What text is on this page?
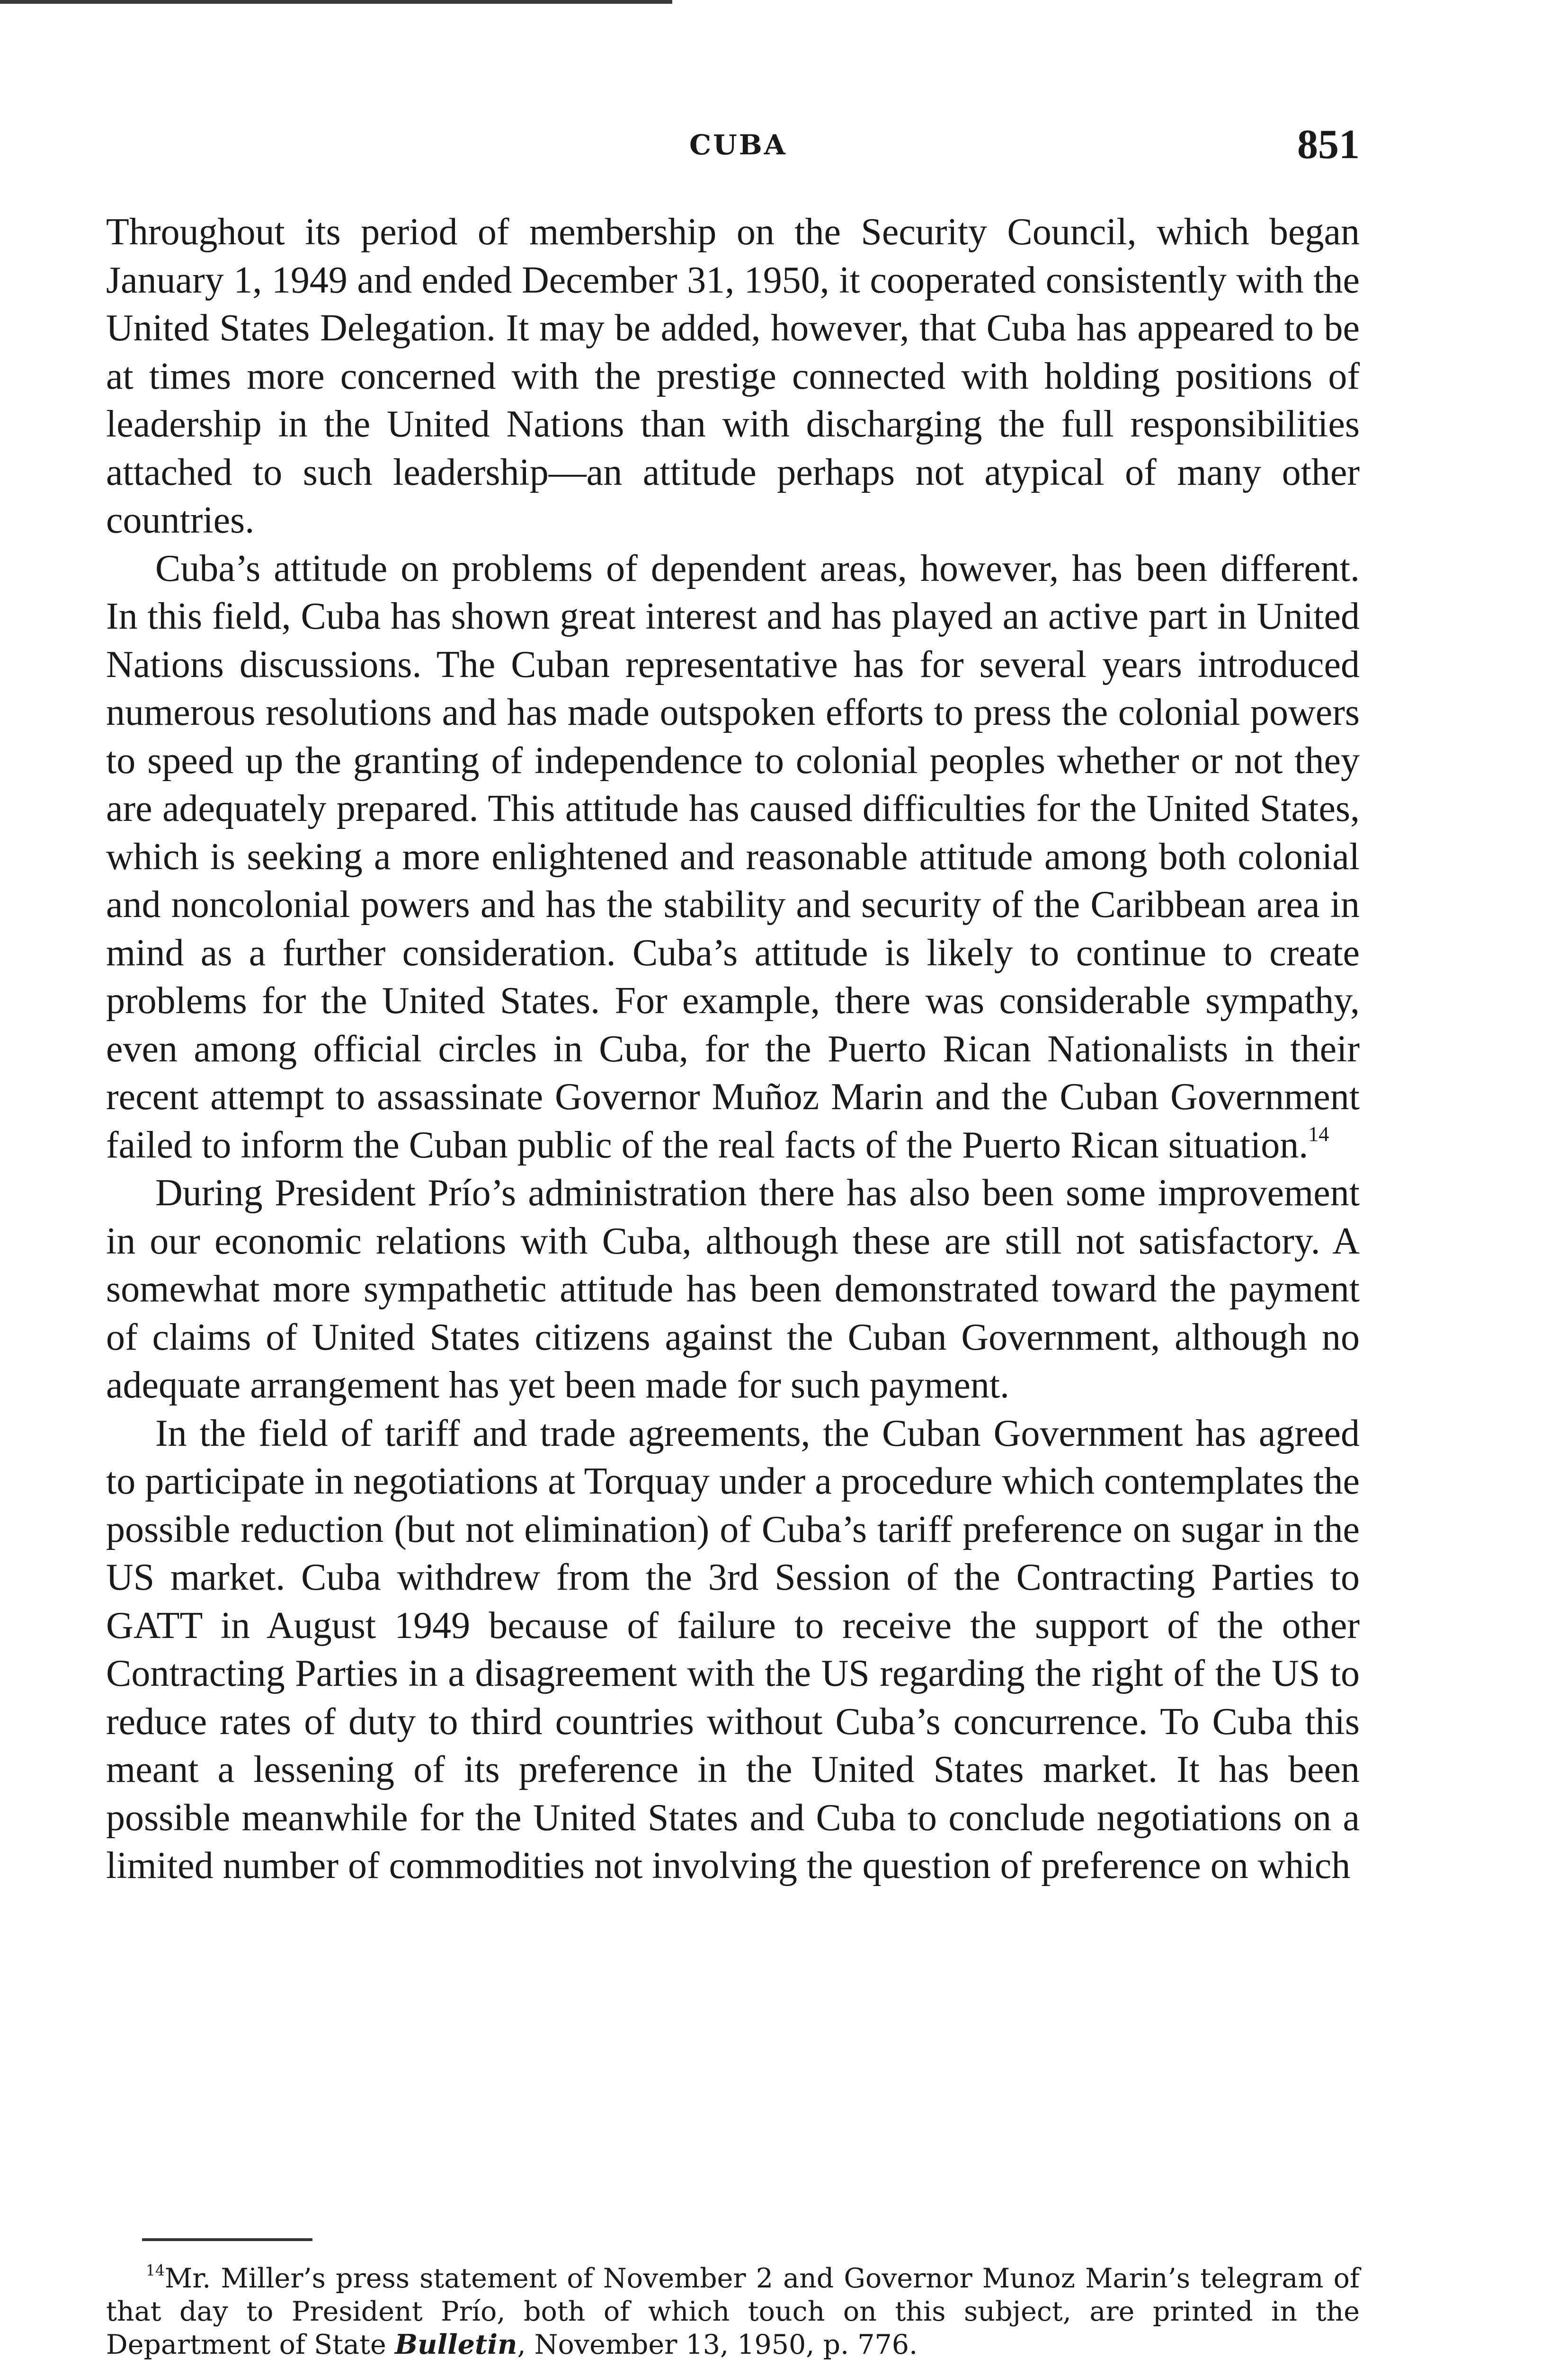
CUBA	851

Throughout its period of membership on the Security Council, which began January 1, 1949 and ended December 31, 1950, it cooperated consistently with the United States Delegation. It may be added, however, that Cuba has appeared to be at times more concerned with the prestige connected with holding positions of leadership in the United Nations than with discharging the full responsibilities attached to such leadership—an attitude perhaps not atypical of many other countries.

Cuba’s attitude on problems of dependent areas, however, has been different. In this field, Cuba has shown great interest and has played an active part in United Nations discussions. The Cuban representative has for several years introduced numerous resolutions and has made outspoken efforts to press the colonial powers to speed up the granting of independence to colonial peoples whether or not they are adequately prepared. This attitude has caused difficulties for the United States, which is seeking a more enlightened and reasonable attitude among both colonial and noncolonial powers and has the stability and security of the Caribbean area in mind as a further consideration. Cuba’s attitude is likely to continue to create problems for the United States. For example, there was considerable sympathy, even among official circles in Cuba, for the Puerto Rican Nationalists in their recent attempt to assassinate Governor Muñoz Marin and the Cuban Government failed to inform the Cuban public of the real facts of the Puerto Rican situation.$^{14}$

During President Prío’s administration there has also been some improvement in our economic relations with Cuba, although these are still not satisfactory. A somewhat more sympathetic attitude has been demonstrated toward the payment of claims of United States citizens against the Cuban Government, although no adequate arrangement has yet been made for such payment.

In the field of tariff and trade agreements, the Cuban Government has agreed to participate in negotiations at Torquay under a procedure which contemplates the possible reduction (but not elimination) of Cuba’s tariff preference on sugar in the US market. Cuba withdrew from the 3rd Session of the Contracting Parties to GATT in August 1949 because of failure to receive the support of the other Contracting Parties in a disagreement with the US regarding the right of the US to reduce rates of duty to third countries without Cuba’s concurrence. To Cuba this meant a lessening of its preference in the United States market. It has been possible meanwhile for the United States and Cuba to conclude negotiations on a limited number of commodities not involving the question of preference on which

$^{14}$Mr. Miller’s press statement of November 2 and Governor Munoz Marin’s telegram of that day to President Prío, both of which touch on this subject, are printed in the Department of State Bulletin, November 13, 1950, p. 776.
